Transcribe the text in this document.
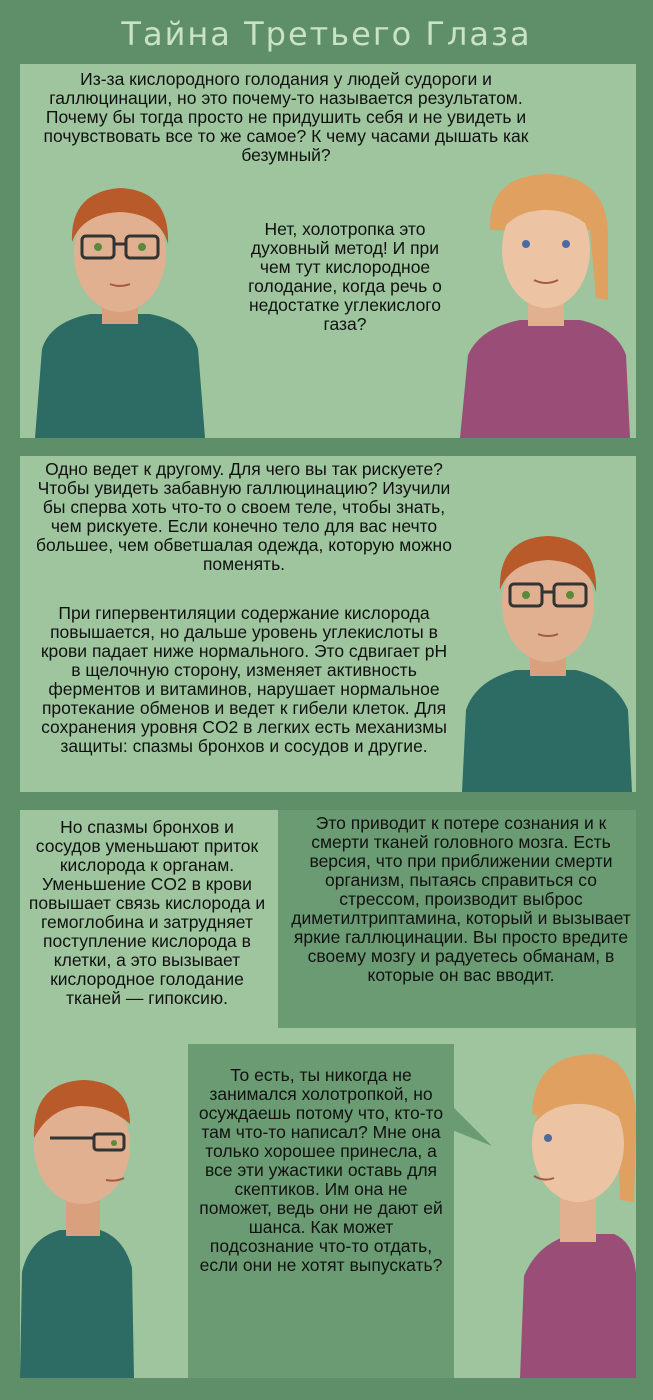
Тайна Третьего Глаза
Из-за кислородного голодания у людей судороги и галлюцинации, но это почему-то называется результатом. Почему бы тогда просто не придушить себя и не увидеть и почувствовать все то же самое? К чему часами дышать как безумный?
Нет, холотропка это духовный метод! И при чем тут кислородное голодание, когда речь о недостатке углекислого газа?
Одно ведет к другому. Для чего вы так рискуете? Чтобы увидеть забавную галлюцинацию? Изучили бы сперва хоть что-то о своем теле, чтобы знать, чем рискуете. Если конечно тело для вас нечто большее, чем обветшалая одежда, которую можно поменять.
При гипервентиляции содержание кислорода повышается, но дальше уровень углекислоты в крови падает ниже нормального. Это сдвигает pH в щелочную сторону, изменяет активность ферментов и витаминов, нарушает нормальное протекание обменов и ведет к гибели клеток. Для сохранения уровня CO2 в легких есть механизмы защиты: спазмы бронхов и сосудов и другие.
Но спазмы бронхов и сосудов уменьшают приток кислорода к органам. Уменьшение CO2 в крови повышает связь кислорода и гемоглобина и затрудняет поступление кислорода в клетки, а это вызывает кислородное голодание тканей — гипоксию.
Это приводит к потере сознания и к смерти тканей головного мозга. Есть версия, что при приближении смерти организм, пытаясь справиться со стрессом, производит выброс диметилтриптамина, который и вызывает яркие галлюцинации. Вы просто вредите своему мозгу и радуетесь обманам, в которые он вас вводит.
То есть, ты никогда не занимался холотропкой, но осуждаешь потому что, кто-то там что-то написал? Мне она только хорошее принесла, а все эти ужастики оставь для скептиков. Им она не поможет, ведь они не дают ей шанса. Как может подсознание что-то отдать, если они не хотят выпускать?
